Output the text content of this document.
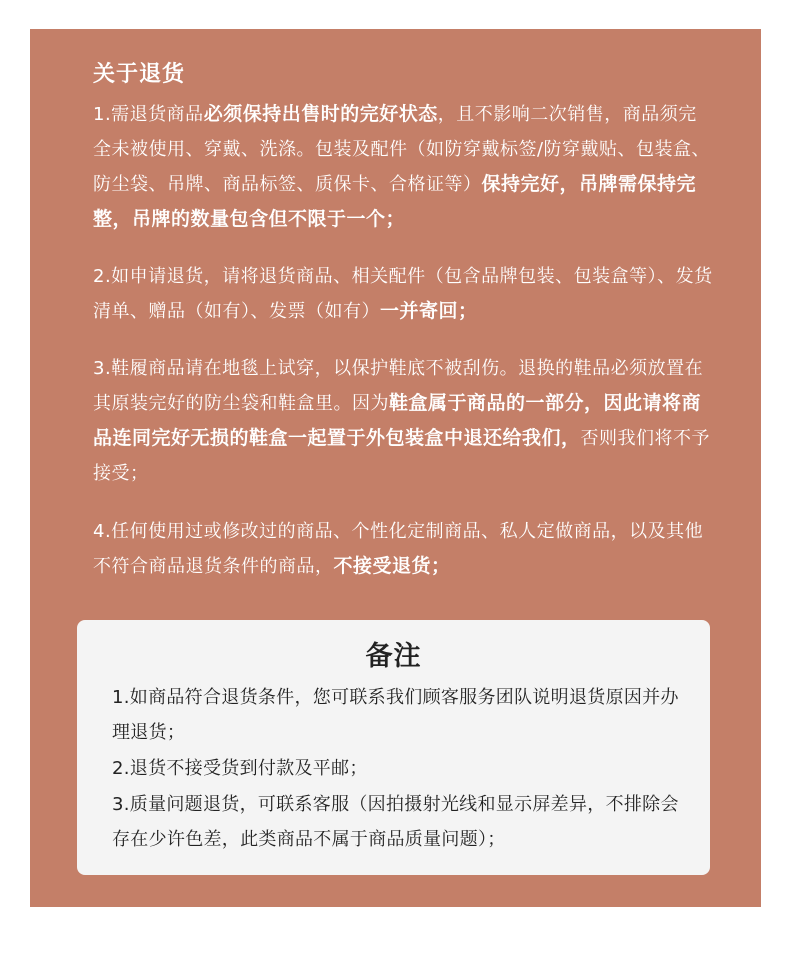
关于退货
1.需退货商品必须保持出售时的完好状态，且不影响二次销售，商品须完全未被使用、穿戴、洗涤。包装及配件（如防穿戴标签/防穿戴贴、包装盒、防尘袋、吊牌、商品标签、质保卡、合格证等）保持完好，吊牌需保持完整，吊牌的数量包含但不限于一个；
2.如申请退货，请将退货商品、相关配件（包含品牌包装、包装盒等）、发货清单、赠品（如有）、发票（如有）一并寄回；
3.鞋履商品请在地毯上试穿，以保护鞋底不被刮伤。退换的鞋品必须放置在其原装完好的防尘袋和鞋盒里。因为鞋盒属于商品的一部分，因此请将商品连同完好无损的鞋盒一起置于外包装盒中退还给我们，否则我们将不予接受；
4.任何使用过或修改过的商品、个性化定制商品、私人定做商品，以及其他不符合商品退货条件的商品，不接受退货；
备注
1.如商品符合退货条件，您可联系我们顾客服务团队说明退货原因并办理退货；
2.退货不接受货到付款及平邮；
3.质量问题退货，可联系客服（因拍摄射光线和显示屏差异，不排除会存在少许色差，此类商品不属于商品质量问题）；
